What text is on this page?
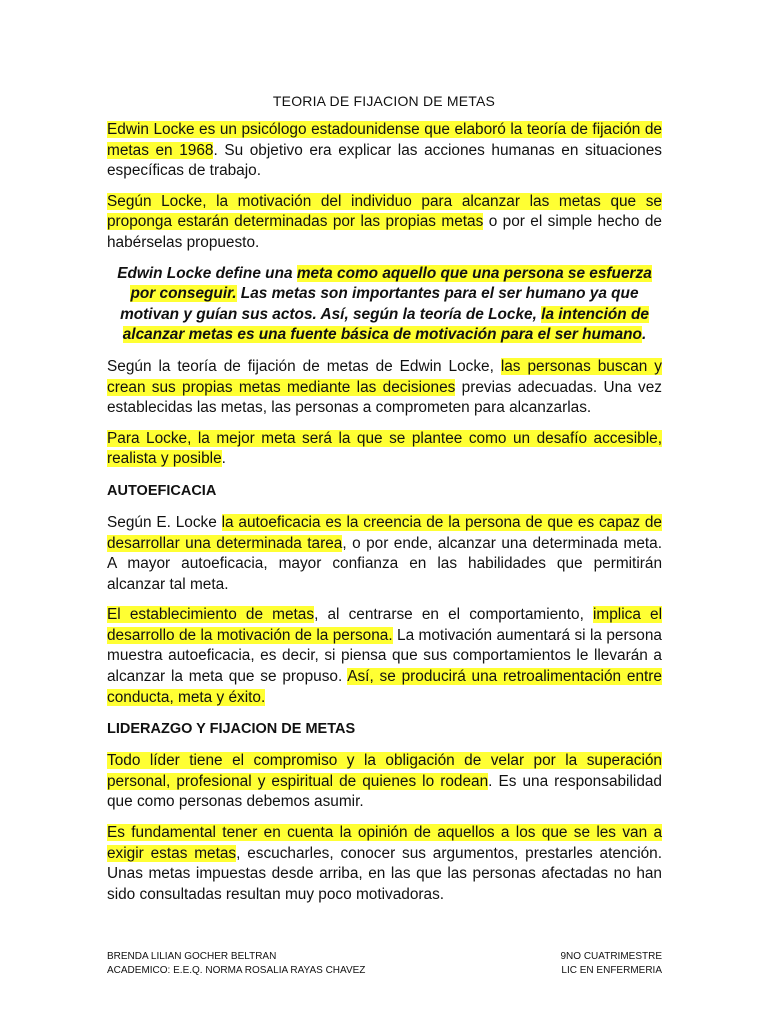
TEORIA DE FIJACION DE METAS

Edwin Locke es un psicólogo estadounidense que elaboró la teoría de fijación de metas en 1968. Su objetivo era explicar las acciones humanas en situaciones específicas de trabajo.

Según Locke, la motivación del individuo para alcanzar las metas que se proponga estarán determinadas por las propias metas o por el simple hecho de habérselas propuesto.

Edwin Locke define una meta como aquello que una persona se esfuerza por conseguir. Las metas son importantes para el ser humano ya que motivan y guían sus actos. Así, según la teoría de Locke, la intención de alcanzar metas es una fuente básica de motivación para el ser humano.

Según la teoría de fijación de metas de Edwin Locke, las personas buscan y crean sus propias metas mediante las decisiones previas adecuadas. Una vez establecidas las metas, las personas a comprometen para alcanzarlas.

Para Locke, la mejor meta será la que se plantee como un desafío accesible, realista y posible.

AUTOEFICACIA

Según E. Locke la autoeficacia es la creencia de la persona de que es capaz de desarrollar una determinada tarea, o por ende, alcanzar una determinada meta. A mayor autoeficacia, mayor confianza en las habilidades que permitirán alcanzar tal meta.

El establecimiento de metas, al centrarse en el comportamiento, implica el desarrollo de la motivación de la persona. La motivación aumentará si la persona muestra autoeficacia, es decir, si piensa que sus comportamientos le llevarán a alcanzar la meta que se propuso. Así, se producirá una retroalimentación entre conducta, meta y éxito.

LIDERAZGO Y FIJACION DE METAS

Todo líder tiene el compromiso y la obligación de velar por la superación personal, profesional y espiritual de quienes lo rodean. Es una responsabilidad que como personas debemos asumir.

Es fundamental tener en cuenta la opinión de aquellos a los que se les van a exigir estas metas, escucharles, conocer sus argumentos, prestarles atención. Unas metas impuestas desde arriba, en las que las personas afectadas no han sido consultadas resultan muy poco motivadoras.

BRENDA LILIAN GOCHER BELTRAN
ACADEMICO: E.E.Q. NORMA ROSALIA RAYAS CHAVEZ
9NO CUATRIMESTRE
LIC EN ENFERMERIA
